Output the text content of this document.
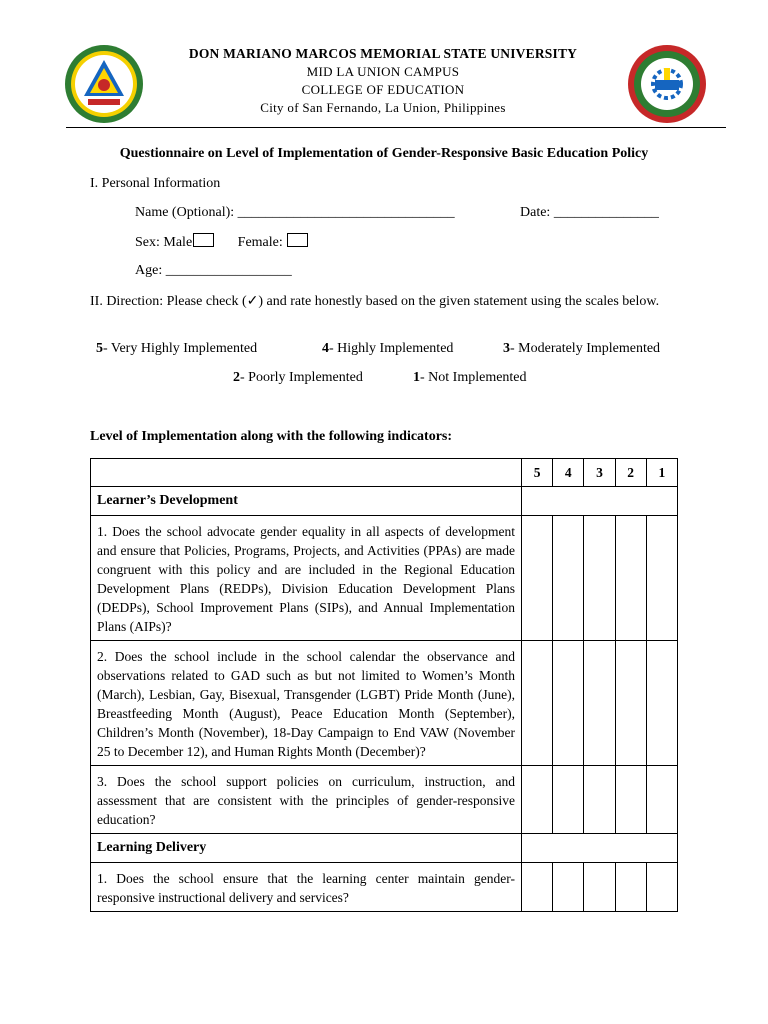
DON MARIANO MARCOS MEMORIAL STATE UNIVERSITY
MID LA UNION CAMPUS
COLLEGE OF EDUCATION
City of San Fernando, La Union, Philippines
Questionnaire on Level of Implementation of Gender-Responsive Basic Education Policy
I. Personal Information
Name (Optional): _______________________________	Date: _______________
Sex: Male	Female:
Age: __________________
II. Direction: Please check (✓) and rate honestly based on the given statement using the scales below.
5- Very Highly Implemented	4- Highly Implemented	3- Moderately Implemented
2- Poorly Implemented	1- Not Implemented
Level of Implementation along with the following indicators:
	5	4	3	2	1
Learner’s Development					
1. Does the school advocate gender equality in all aspects of development and ensure that Policies, Programs, Projects, and Activities (PPAs) are made congruent with this policy and are included in the Regional Education Development Plans (REDPs), Division Education Development Plans (DEDPs), School Improvement Plans (SIPs), and Annual Implementation Plans (AIPs)?					
2. Does the school include in the school calendar the observance and observations related to GAD such as but not limited to Women’s Month (March), Lesbian, Gay, Bisexual, Transgender (LGBT) Pride Month (June), Breastfeeding Month (August), Peace Education Month (September), Children’s Month (November), 18-Day Campaign to End VAW (November 25 to December 12), and Human Rights Month (December)?					
3. Does the school support policies on curriculum, instruction, and assessment that are consistent with the principles of gender-responsive education?					
Learning Delivery					
1. Does the school ensure that the learning center maintain gender-responsive instructional delivery and services?					
